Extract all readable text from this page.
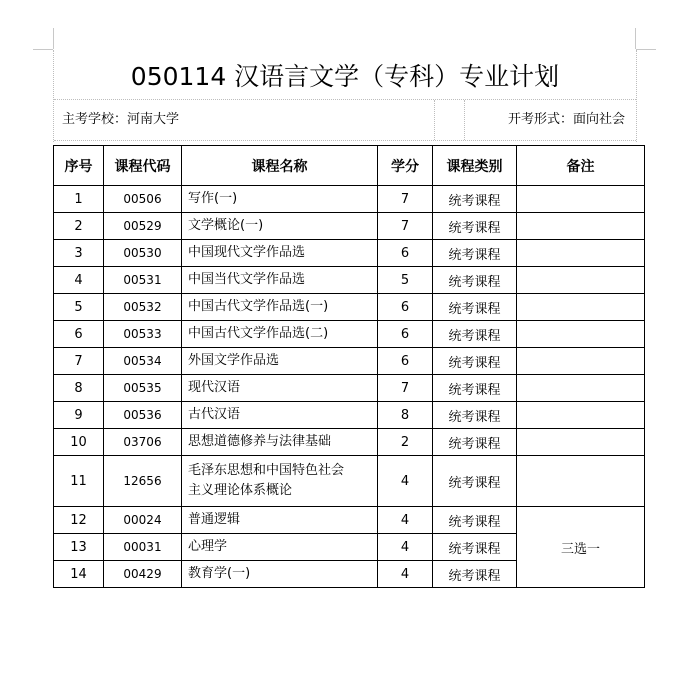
050114 汉语言文学（专科）专业计划
主考学校：河南大学	开考形式：面向社会
序号	课程代码	课程名称	学分	课程类别	备注
1	00506	写作(一)	7	统考课程	
2	00529	文学概论(一)	7	统考课程	
3	00530	中国现代文学作品选	6	统考课程	
4	00531	中国当代文学作品选	5	统考课程	
5	00532	中国古代文学作品选(一)	6	统考课程	
6	00533	中国古代文学作品选(二)	6	统考课程	
7	00534	外国文学作品选	6	统考课程	
8	00535	现代汉语	7	统考课程	
9	00536	古代汉语	8	统考课程	
10	03706	思想道德修养与法律基础	2	统考课程	
11	12656	毛泽东思想和中国特色社会
主义理论体系概论	4	统考课程	
12	00024	普通逻辑	4	统考课程	三选一
13	00031	心理学	4	统考课程	
14	00429	教育学(一)	4	统考课程	
